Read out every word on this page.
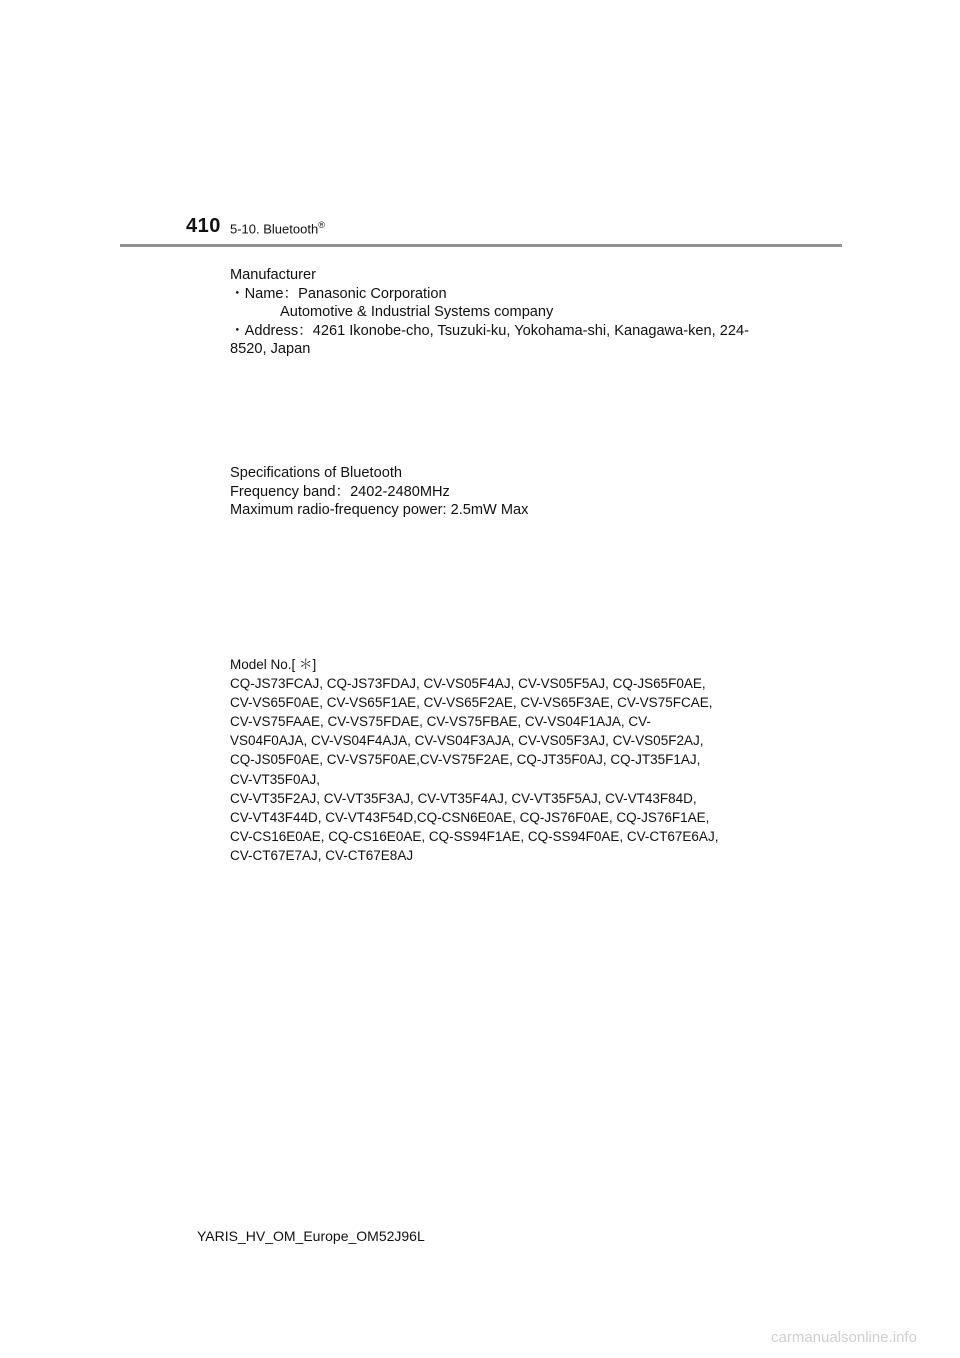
410 5-10. Bluetooth®
Manufacturer
・Name：Panasonic Corporation
Automotive & Industrial Systems company
・Address：4261 Ikonobe-cho, Tsuzuki-ku, Yokohama-shi, Kanagawa-ken, 224-
8520, Japan
Specifications of Bluetooth
Frequency band：2402-2480MHz
Maximum radio-frequency power: 2.5mW Max
Model No.[ ＊]
CQ-JS73FCAJ, CQ-JS73FDAJ, CV-VS05F4AJ, CV-VS05F5AJ, CQ-JS65F0AE,
CV-VS65F0AE, CV-VS65F1AE, CV-VS65F2AE, CV-VS65F3AE, CV-VS75FCAE,
CV-VS75FAAE, CV-VS75FDAE, CV-VS75FBAE, CV-VS04F1AJA, CV-
VS04F0AJA, CV-VS04F4AJA, CV-VS04F3AJA, CV-VS05F3AJ, CV-VS05F2AJ,
CQ-JS05F0AE, CV-VS75F0AE,CV-VS75F2AE, CQ-JT35F0AJ, CQ-JT35F1AJ,
CV-VT35F0AJ,
CV-VT35F2AJ, CV-VT35F3AJ, CV-VT35F4AJ, CV-VT35F5AJ, CV-VT43F84D,
CV-VT43F44D, CV-VT43F54D,CQ-CSN6E0AE, CQ-JS76F0AE, CQ-JS76F1AE,
CV-CS16E0AE, CQ-CS16E0AE, CQ-SS94F1AE, CQ-SS94F0AE, CV-CT67E6AJ,
CV-CT67E7AJ, CV-CT67E8AJ
YARIS_HV_OM_Europe_OM52J96L
carmanualsonline.info
